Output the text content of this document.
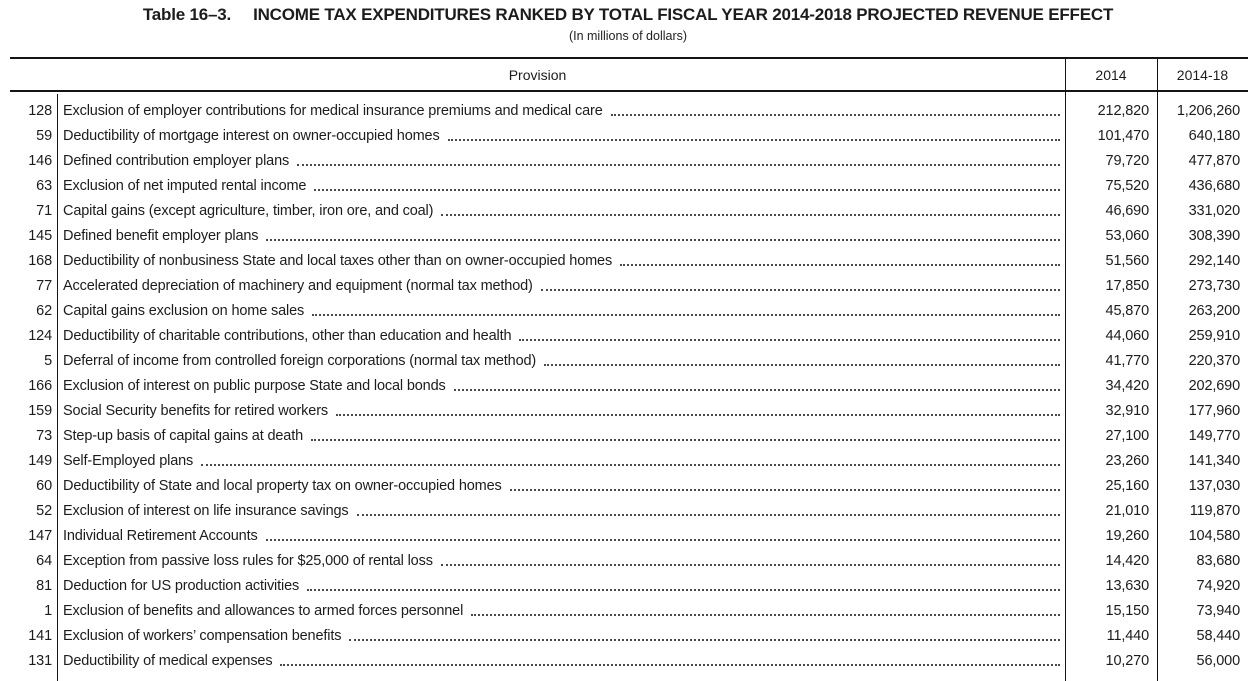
Table 16–3. INCOME TAX EXPENDITURES RANKED BY TOTAL FISCAL YEAR 2014-2018 PROJECTED REVENUE EFFECT
(In millions of dollars)
Provision	2014	2014-18
128 Exclusion of employer contributions for medical insurance premiums and medical care	212,820	1,206,260
59 Deductibility of mortgage interest on owner-occupied homes	101,470	640,180
146 Defined contribution employer plans	79,720	477,870
63 Exclusion of net imputed rental income	75,520	436,680
71 Capital gains (except agriculture, timber, iron ore, and coal)	46,690	331,020
145 Defined benefit employer plans	53,060	308,390
168 Deductibility of nonbusiness State and local taxes other than on owner-occupied homes	51,560	292,140
77 Accelerated depreciation of machinery and equipment (normal tax method)	17,850	273,730
62 Capital gains exclusion on home sales	45,870	263,200
124 Deductibility of charitable contributions, other than education and health	44,060	259,910
5 Deferral of income from controlled foreign corporations (normal tax method)	41,770	220,370
166 Exclusion of interest on public purpose State and local bonds	34,420	202,690
159 Social Security benefits for retired workers	32,910	177,960
73 Step-up basis of capital gains at death	27,100	149,770
149 Self-Employed plans	23,260	141,340
60 Deductibility of State and local property tax on owner-occupied homes	25,160	137,030
52 Exclusion of interest on life insurance savings	21,010	119,870
147 Individual Retirement Accounts	19,260	104,580
64 Exception from passive loss rules for $25,000 of rental loss	14,420	83,680
81 Deduction for US production activities	13,630	74,920
1 Exclusion of benefits and allowances to armed forces personnel	15,150	73,940
141 Exclusion of workers’ compensation benefits	11,440	58,440
131 Deductibility of medical expenses	10,270	56,000
